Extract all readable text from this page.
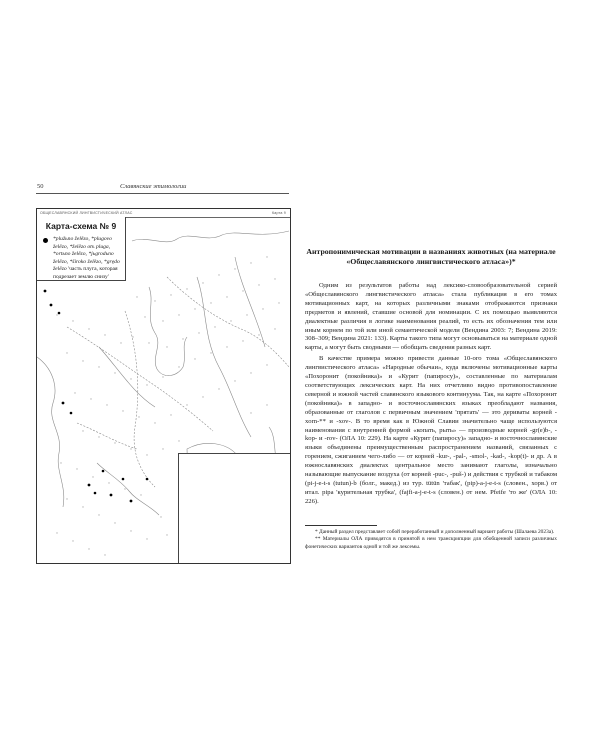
50	Славянские этимологии
ОБЩЕСЛАВЯНСКИЙ ЛИНГВИСТИЧЕСКИЙ АТЛАС	Карта 9
Карта-схема № 9
*plužьno želězo, *plugovo želězo, *želězo otъ pluga, *ortьno želězo, *jьgrodьno želězo, *široko želězo, *grędo želězo 'часть плуга, которая подрезает землю снизу'
Антропонимическая мотивации в названиях животных (на материале «Общеславянского лингвистического атласа»)*

Одним из результатов работы над лексико-словообразовательной серией «Общеславянского лингвистического атласа» стала публикация в его томах мотивационных карт, на которых различными знаками отображаются признаки предметов и явлений, ставшие основой для номинации. С их помощью выявляются диалектные различия в логике наименования реалий, то есть их обозначения тем или иным корнем по той или иной семантической модели (Вендина 2003: 7; Вендина 2019: 308–309; Вендина 2021: 133). Карты такого типа могут основываться на материале одной карты, а могут быть сводными — обобщать сведения разных карт.

В качестве примера можно привести данные 10-ого тома «Общеславянского лингвистического атласа» «Народные обычаи», куда включены мотивационные карты «Похоронит (покойника)» и «Курит (папиросу)», составленные по материалам соответствующих лексических карт. На них отчетливо видно противопоставление северной и южной частей славянского языкового континуума. Так, на карте «Похоронит (покойника)» в западно- и восточнославянских языках преобладают названия, образованные от глаголов с первичным значением 'прятать' — это дериваты корней -xorn-** и -xov-. В то время как в Южной Славии значительно чаще используются наименования с внутренней формой «копать, рыть» — производные корней -gr(e)b-, -kop- и -rov- (ОЛА 10: 229). На карте «Курит (папиросу)» западно- и восточнославянские языки объединены преимущественным распространением названий, связанных с горением, сжиганием чего-либо — от корней -kur-, -pal-, -smol-, -kad-, -kop(t)- и др. А в южнославянских диалектах центральное место занимают глаголы, изначально называющие выпускание воздуха (от корней -puc-, -puš-) и действия с трубкой и табаком (pi-j-e-t-s (tutun)-b (болг., макед.) из тур. tütün 'табак', (pip)-a-j-e-t-s (словен., хорв.) от итал. pipa 'курительная трубка', (fajfi-a-j-e-t-s (словен.) от нем. Pfeife 'то же' (ОЛА 10: 226).

* Данный раздел представляет собой переработанный и дополненный вариант работы (Шалаева 2023а).

** Материалы ОЛА приводятся в принятой в нем транскрипции для обобщенной записи различных фонетических вариантов одной и той же лексемы.
